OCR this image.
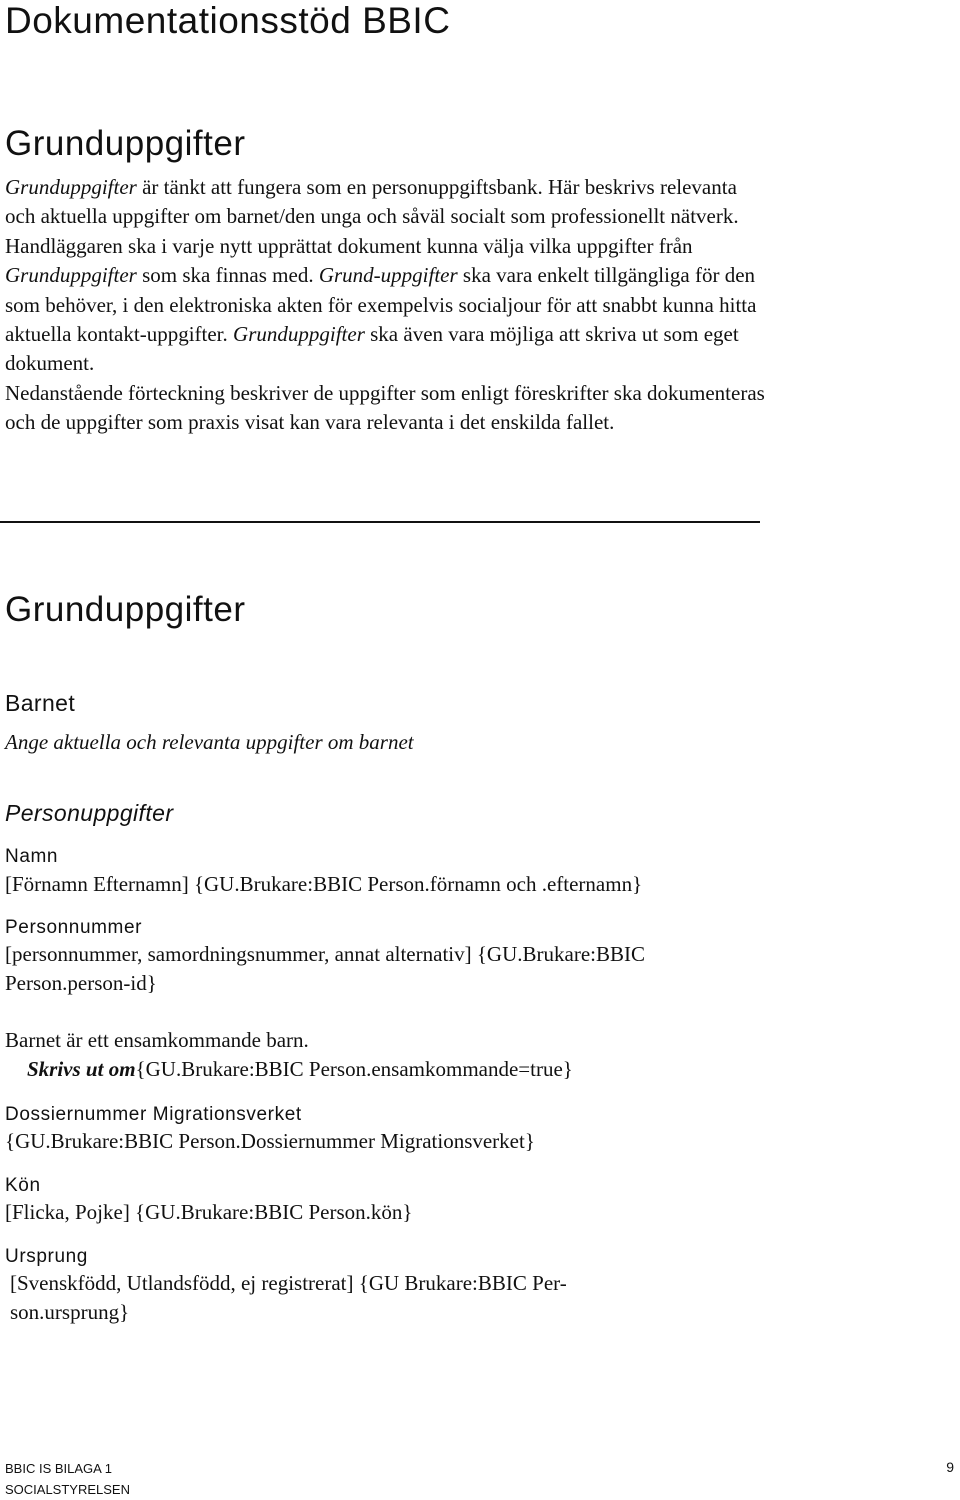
Dokumentationsstöd BBIC
Grunduppgifter

Grunduppgifter är tänkt att fungera som en personuppgiftsbank. Här beskrivs relevanta och aktuella uppgifter om barnet/den unga och såväl socialt som professionellt nätverk. Handläggaren ska i varje nytt upprättat dokument kunna välja vilka uppgifter från Grunduppgifter som ska finnas med. Grund-uppgifter ska vara enkelt tillgängliga för den som behöver, i den elektroniska akten för exempelvis socialjour för att snabbt kunna hitta aktuella kontakt-uppgifter. Grunduppgifter ska även vara möjliga att skriva ut som eget dokument.

Nedanstående förteckning beskriver de uppgifter som enligt föreskrifter ska dokumenteras och de uppgifter som praxis visat kan vara relevanta i det enskilda fallet.

Grunduppgifter
Barnet
Ange aktuella och relevanta uppgifter om barnet
Personuppgifter
Namn
[Förnamn Efternamn] {GU.Brukare:BBIC Person.förnamn och .efternamn}
Personnummer
[personnummer, samordningsnummer, annat alternativ] {GU.Brukare:BBIC Person.person-id}
Barnet är ett ensamkommande barn.
Skrivs ut om{GU.Brukare:BBIC Person.ensamkommande=true}
Dossiernummer Migrationsverket
{GU.Brukare:BBIC Person.Dossiernummer Migrationsverket}
Kön
[Flicka, Pojke] {GU.Brukare:BBIC Person.kön}
Ursprung
[Svenskfödd, Utlandsfödd, ej registrerat] {GU Brukare:BBIC Per-son.ursprung}
BBIC IS BILAGA 1
SOCIALSTYRELSEN
9
